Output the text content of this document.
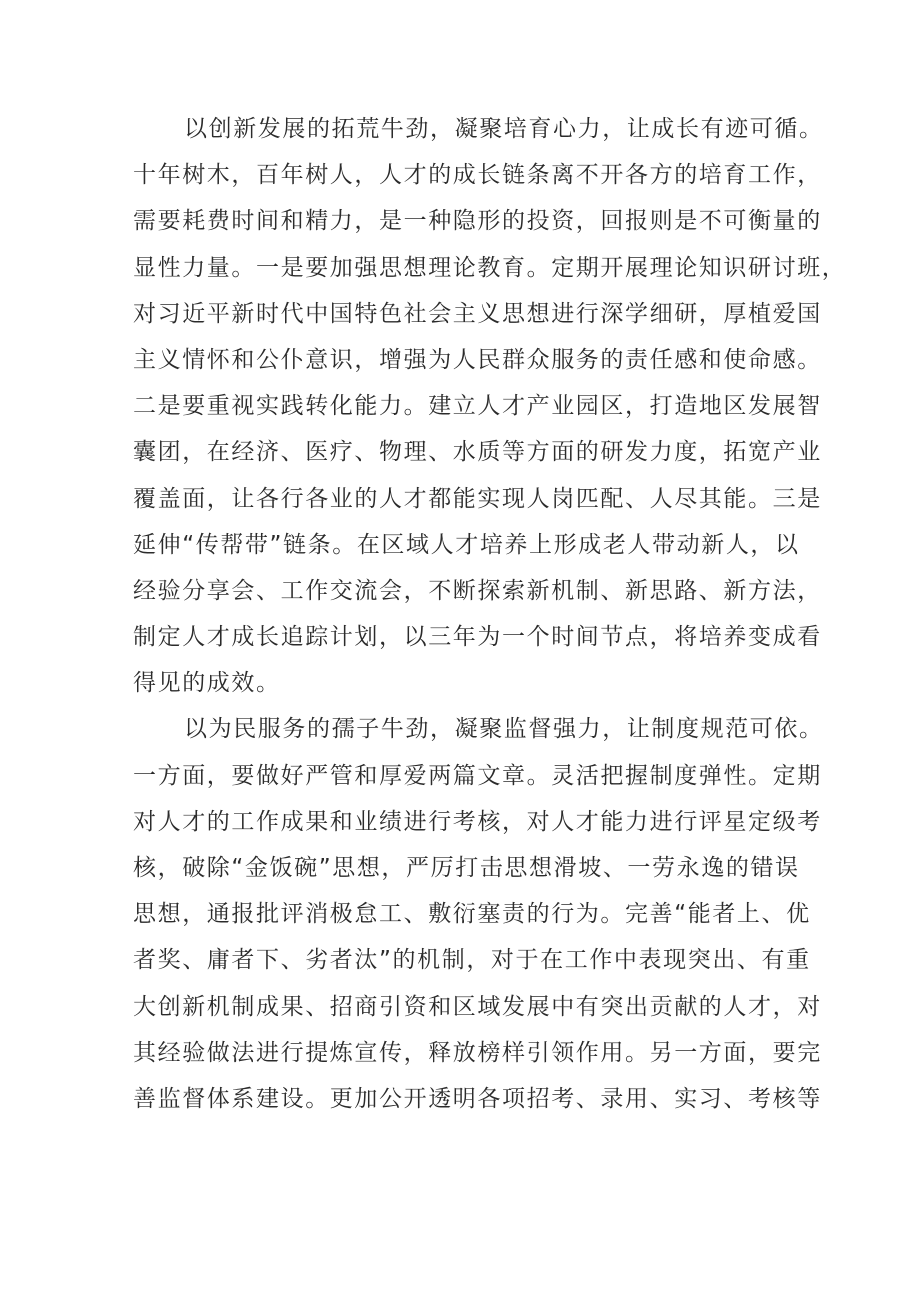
以创新发展的拓荒牛劲，凝聚培育心力，让成长有迹可循。
十年树木，百年树人，人才的成长链条离不开各方的培育工作，
需要耗费时间和精力，是一种隐形的投资，回报则是不可衡量的
显性力量。一是要加强思想理论教育。定期开展理论知识研讨班，
对习近平新时代中国特色社会主义思想进行深学细研，厚植爱国
主义情怀和公仆意识，增强为人民群众服务的责任感和使命感。
二是要重视实践转化能力。建立人才产业园区，打造地区发展智
囊团，在经济、医疗、物理、水质等方面的研发力度，拓宽产业
覆盖面，让各行各业的人才都能实现人岗匹配、人尽其能。三是
延伸“传帮带”链条。在区域人才培养上形成老人带动新人，以
经验分享会、工作交流会，不断探索新机制、新思路、新方法，
制定人才成长追踪计划，以三年为一个时间节点，将培养变成看
得见的成效。
以为民服务的孺子牛劲，凝聚监督强力，让制度规范可依。
一方面，要做好严管和厚爱两篇文章。灵活把握制度弹性。定期
对人才的工作成果和业绩进行考核，对人才能力进行评星定级考
核，破除“金饭碗”思想，严厉打击思想滑坡、一劳永逸的错误
思想，通报批评消极怠工、敷衍塞责的行为。完善“能者上、优
者奖、庸者下、劣者汰”的机制，对于在工作中表现突出、有重
大创新机制成果、招商引资和区域发展中有突出贡献的人才，对
其经验做法进行提炼宣传，释放榜样引领作用。另一方面，要完
善监督体系建设。更加公开透明各项招考、录用、实习、考核等
